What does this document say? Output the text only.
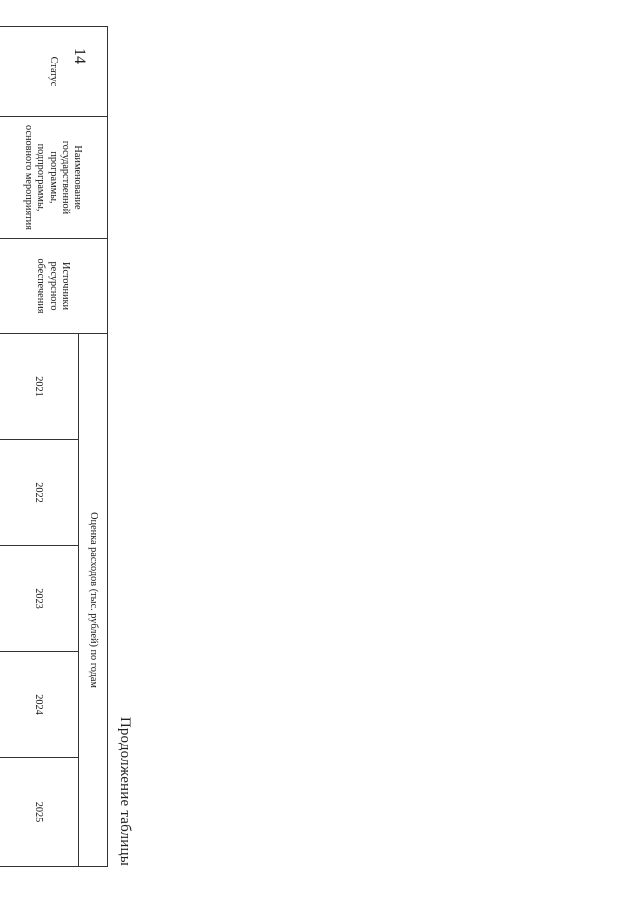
14
Продолжение таблицы
Статус	Наименование государственной программы, подпрограммы, основного мероприятия	Источники ресурсного обеспечения	Оценка расходов (тыс. рублей) по годам				
			2021	2022	2023	2024	2025
